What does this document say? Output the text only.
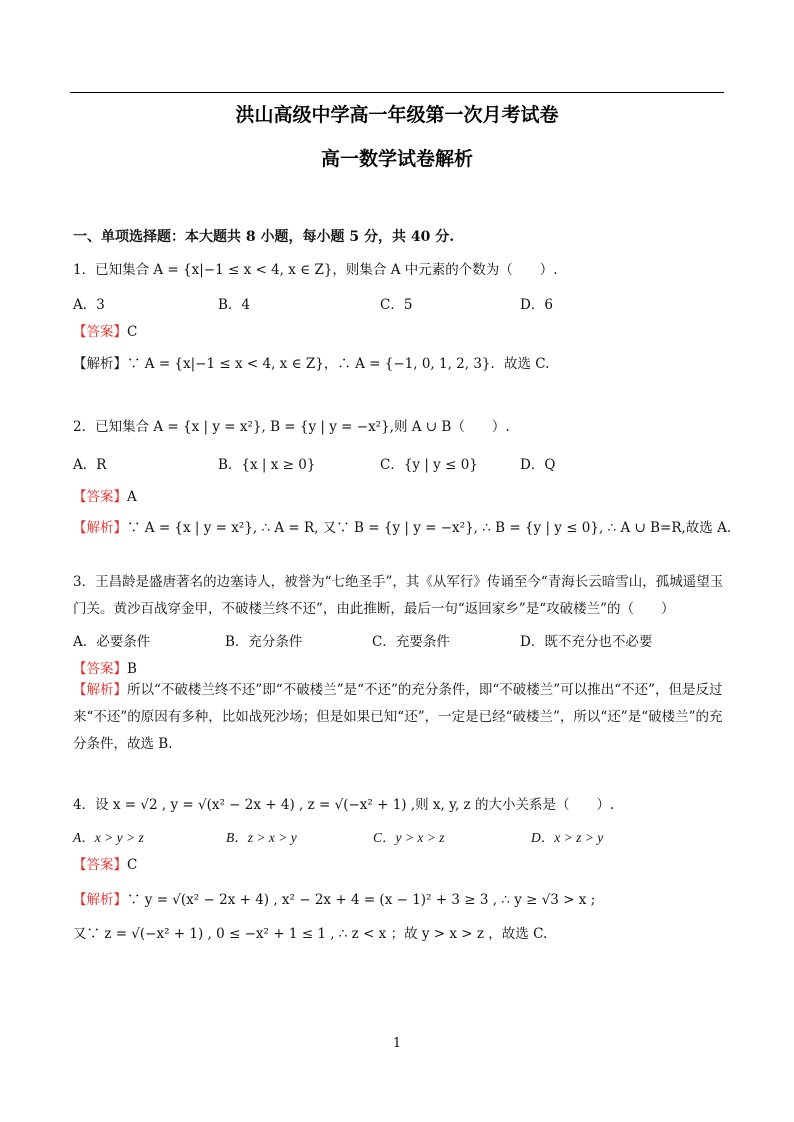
洪山高级中学高一年级第一次月考试卷
高一数学试卷解析
一、单项选择题：本大题共 8 小题，每小题 5 分，共 40 分.
1．已知集合 A = {x|−1 ≤ x < 4, x ∈ Z}，则集合 A 中元素的个数为（　　）.
A．3	B．4	C．5	D．6
【答案】C
【解析】∵ A = {x|−1 ≤ x < 4, x ∈ Z}，∴ A = {−1, 0, 1, 2, 3}．故选 C.
2．已知集合 A = {x | y = x²}, B = {y | y = −x²},则 A ∪ B（　　）.
A．R	B．{x | x ≥ 0}	C．{y | y ≤ 0}	D．Q
【答案】A
【解析】∵ A = {x | y = x²}, ∴ A = R, 又∵ B = {y | y = −x²}, ∴ B = {y | y ≤ 0}, ∴ A ∪ B=R,故选 A.
3．王昌龄是盛唐著名的边塞诗人，被誉为“七绝圣手”，其《从军行》传诵至今“青海长云暗雪山，孤城遥望玉门关。黄沙百战穿金甲，不破楼兰终不还”，由此推断，最后一句“返回家乡”是“攻破楼兰”的（　　）
A．必要条件	B．充分条件	C．充要条件	D．既不充分也不必要
【答案】B
【解析】所以“不破楼兰终不还”即“不破楼兰”是“不还”的充分条件，即“不破楼兰”可以推出“不还”，但是反过来“不还”的原因有多种，比如战死沙场；但是如果已知“还”，一定是已经“破楼兰”，所以“还”是“破楼兰”的充分条件，故选 B.
4．设 x = √2 , y = √(x² − 2x + 4) , z = √(−x² + 1) ,则 x, y, z 的大小关系是（　　）.
A．x > y > z	B．z > x > y	C．y > x > z	D．x > z > y
【答案】C
【解析】∵ y = √(x² − 2x + 4) , x² − 2x + 4 = (x − 1)² + 3 ≥ 3 , ∴ y ≥ √3 > x ;
又∵ z = √(−x² + 1) , 0 ≤ −x² + 1 ≤ 1 , ∴ z < x ；故 y > x > z ，故选 C.
1
